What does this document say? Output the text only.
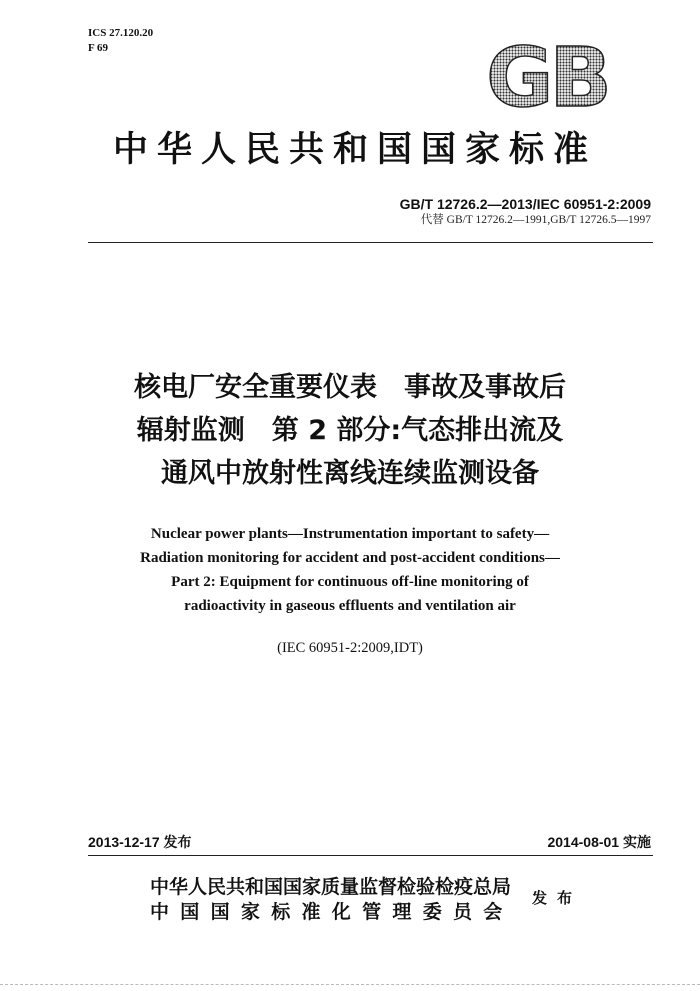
ICS 27.120.20
F 69	GB
中华人民共和国国家标准
GB/T 12726.2—2013/IEC 60951-2:2009
代替 GB/T 12726.2—1991,GB/T 12726.5—1997
核电厂安全重要仪表　事故及事故后
辐射监测　第 2 部分:气态排出流及
通风中放射性离线连续监测设备
Nuclear power plants—Instrumentation important to safety—
Radiation monitoring for accident and post-accident conditions—
Part 2: Equipment for continuous off-line monitoring of
radioactivity in gaseous effluents and ventilation air
(IEC 60951-2:2009,IDT)
2013-12-17 发布	2014-08-01 实施
中华人民共和国国家质量监督检验检疫总局
中国国家标准化管理委员会
发布
